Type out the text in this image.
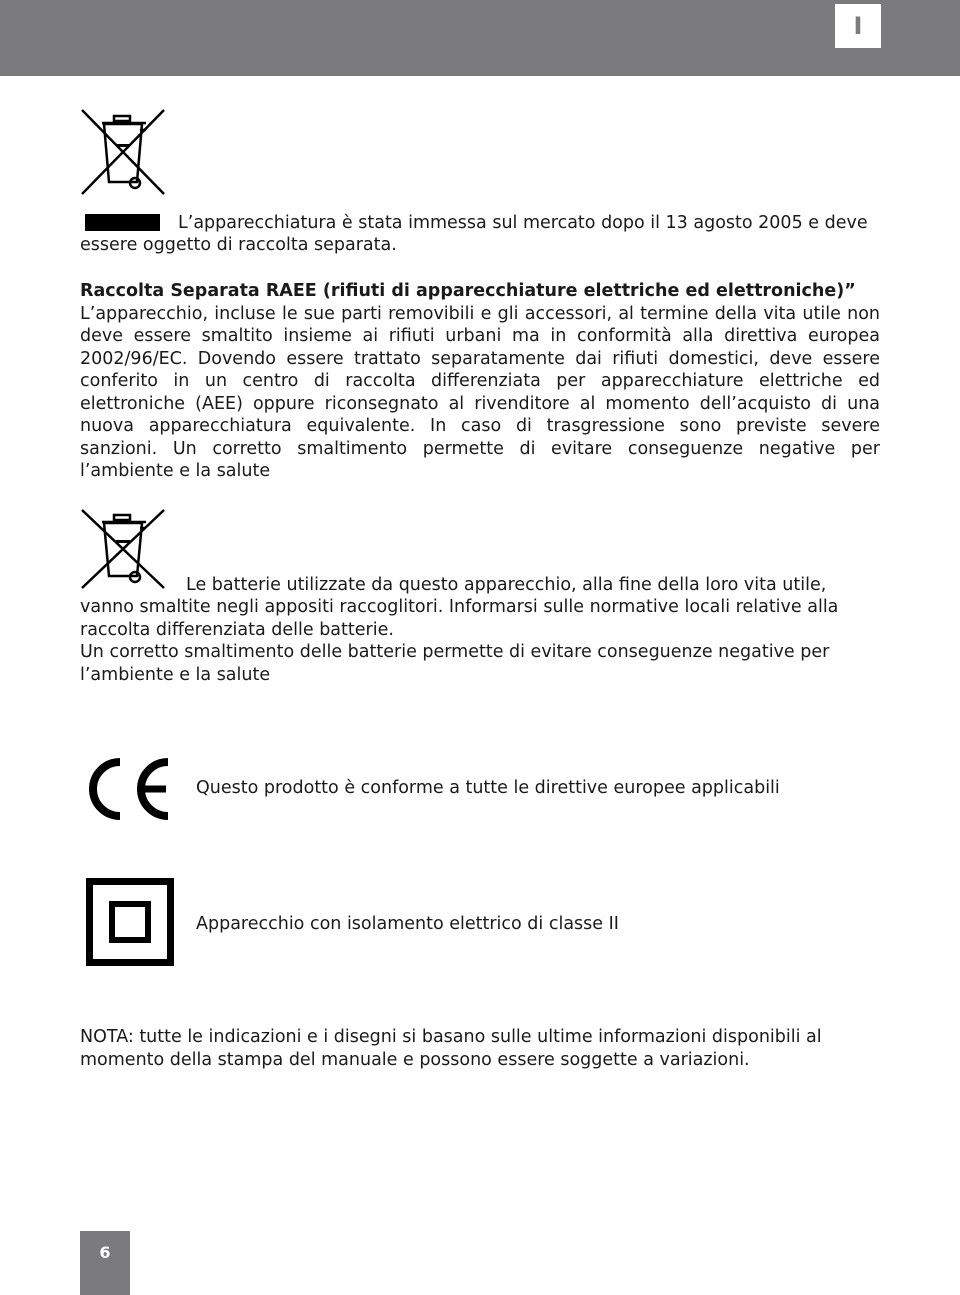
I
L’apparecchiatura è stata immessa sul mercato dopo il 13 agosto 2005 e deve
essere oggetto di raccolta separata.
Raccolta Separata RAEE (rifiuti di apparecchiature elettriche ed elettroniche)”
L’apparecchio, incluse le sue parti removibili e gli accessori, al termine della vita utile non deve essere smaltito insieme ai rifiuti urbani ma in conformità alla direttiva europea 2002/96/EC. Dovendo essere trattato separatamente dai rifiuti domestici, deve essere conferito in un centro di raccolta differenziata per apparecchiature elettriche ed elettroniche (AEE) oppure riconsegnato al rivenditore al momento dell’acquisto di una nuova apparecchiatura equivalente. In caso di trasgressione sono previste severe sanzioni. Un corretto smaltimento permette di evitare conseguenze negative per l’ambiente e la salute
Le batterie utilizzate da questo apparecchio, alla fine della loro vita utile,
vanno smaltite negli appositi raccoglitori. Informarsi sulle normative locali relative alla raccolta differenziata delle batterie.
Un corretto smaltimento delle batterie permette di evitare conseguenze negative per l’ambiente e la salute
Questo prodotto è conforme a tutte le direttive europee applicabili
Apparecchio con isolamento elettrico di classe II
NOTA: tutte le indicazioni e i disegni si basano sulle ultime informazioni disponibili al momento della stampa del manuale e possono essere soggette a variazioni.
6
